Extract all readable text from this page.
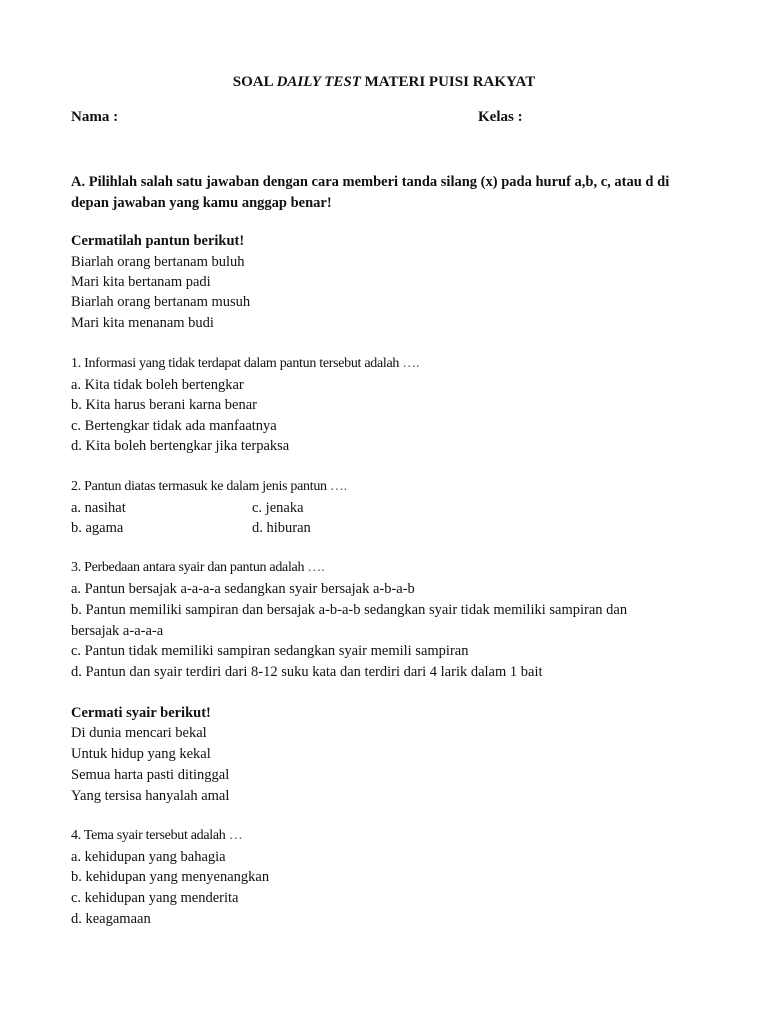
SOAL DAILY TEST MATERI PUISI RAKYAT
Nama :	Kelas :
A. Pilihlah salah satu jawaban dengan cara memberi tanda silang (x) pada huruf a,b, c, atau d di
depan jawaban yang kamu anggap benar!
Cermatilah pantun berikut!
Biarlah orang bertanam buluh
Mari kita bertanam padi
Biarlah orang bertanam musuh
Mari kita menanam budi
1. Informasi yang tidak terdapat dalam pantun tersebut adalah ….
a. Kita tidak boleh bertengkar
b. Kita harus berani karna benar
c. Bertengkar tidak ada manfaatnya
d. Kita boleh bertengkar jika terpaksa
2. Pantun diatas termasuk ke dalam jenis pantun ….
a. nasihat	c. jenaka
b. agama	d. hiburan
3. Perbedaan antara syair dan pantun adalah ….
a. Pantun bersajak a-a-a-a sedangkan syair bersajak a-b-a-b
b. Pantun memiliki sampiran dan bersajak a-b-a-b sedangkan syair tidak memiliki sampiran dan
bersajak a-a-a-a
c. Pantun tidak memiliki sampiran sedangkan syair memili sampiran
d. Pantun dan syair terdiri dari 8-12 suku kata dan terdiri dari 4 larik dalam 1 bait
Cermati syair berikut!
Di dunia mencari bekal
Untuk hidup yang kekal
Semua harta pasti ditinggal
Yang tersisa hanyalah amal
4. Tema syair tersebut adalah …
a. kehidupan yang bahagia
b. kehidupan yang menyenangkan
c. kehidupan yang menderita
d. keagamaan
